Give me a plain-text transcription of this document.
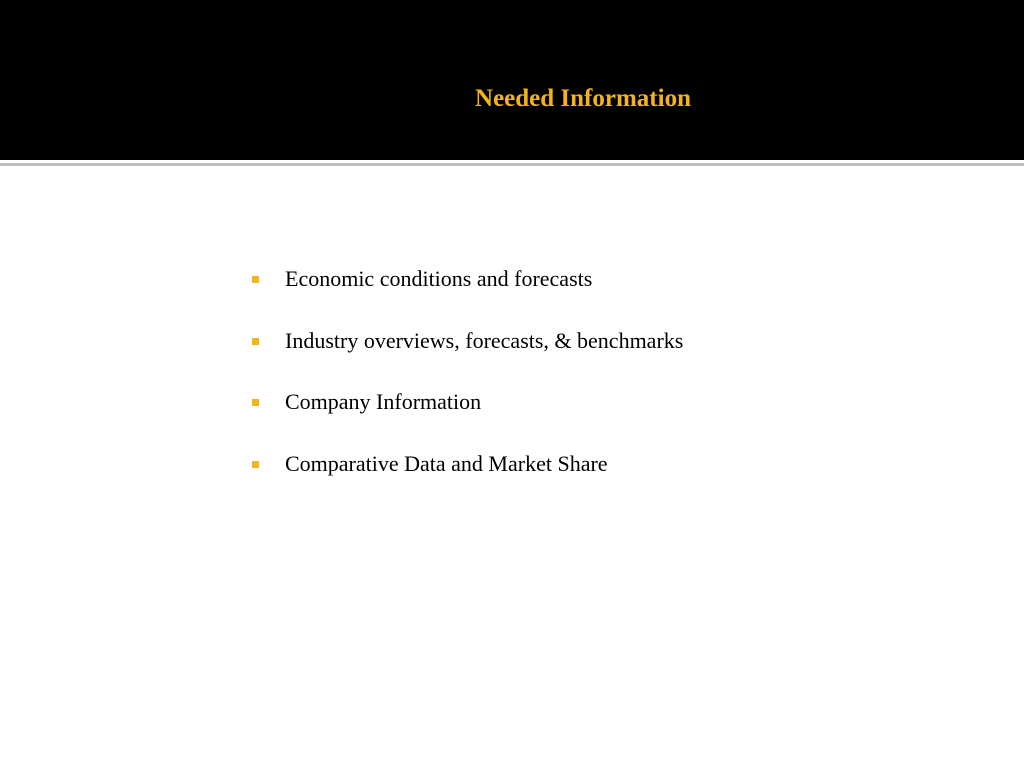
Needed Information
Economic conditions and forecasts
Industry overviews, forecasts, & benchmarks
Company Information
Comparative Data and Market Share
